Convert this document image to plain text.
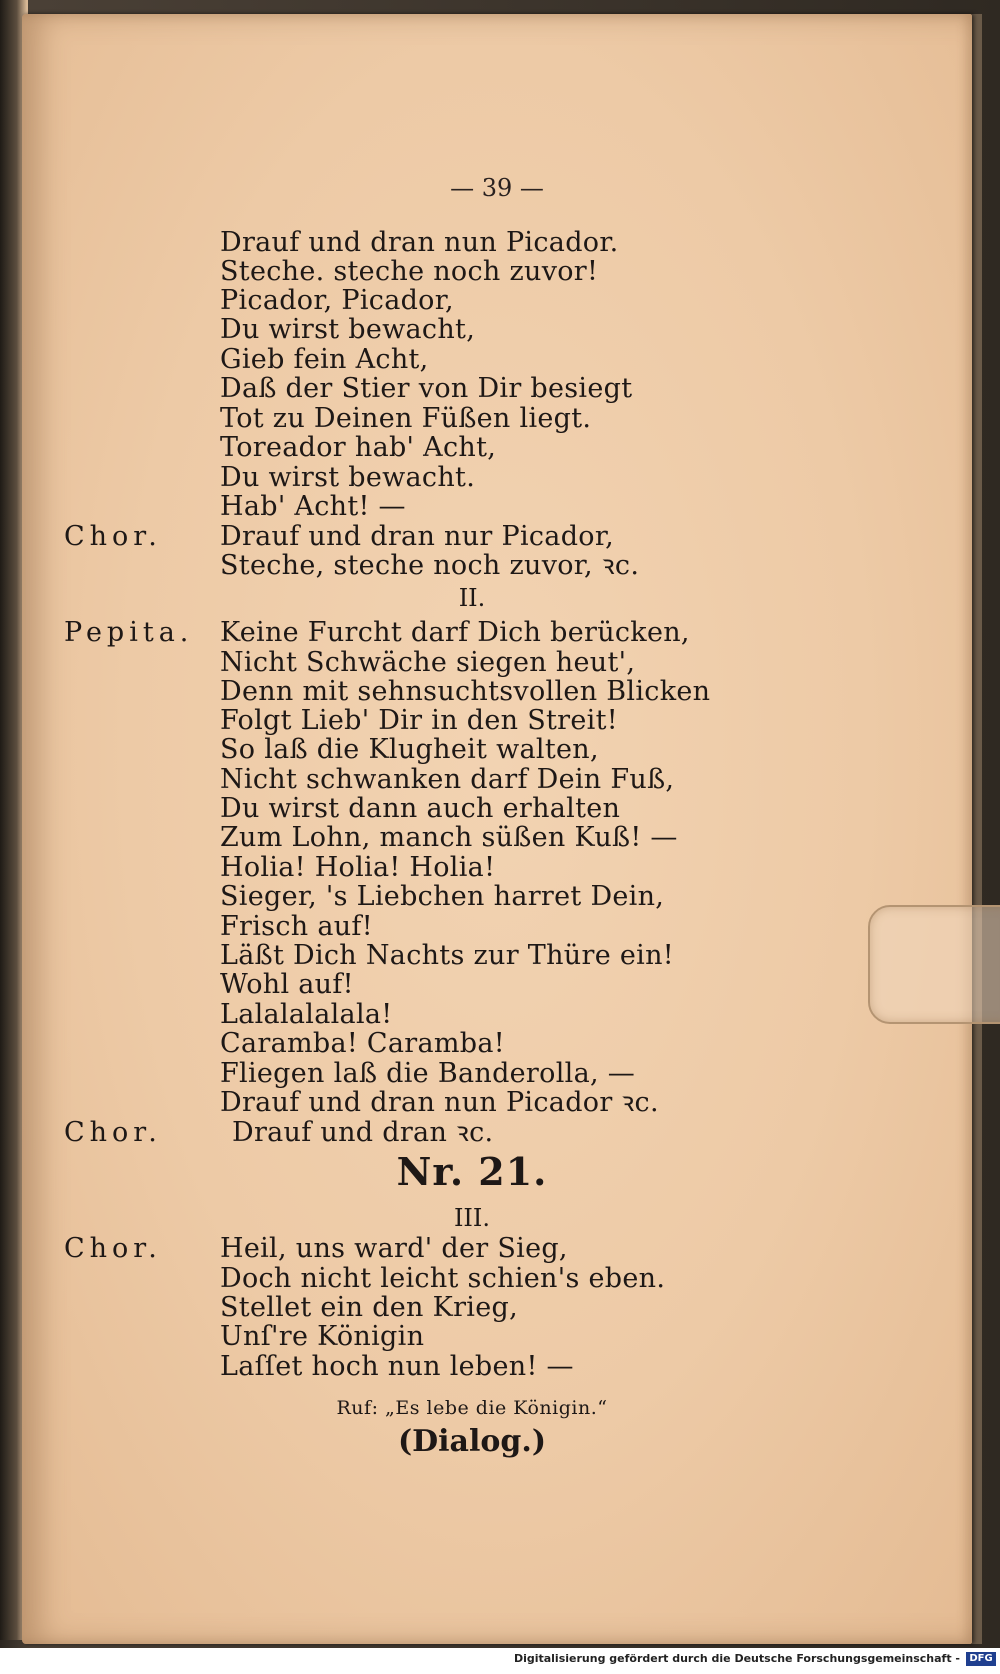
— 39 —
Drauf und dran nun Picador.
Steche. steche noch zuvor!
Picador, Picador,
Du wirst bewacht,
Gieb fein Acht,
Daß der Stier von Dir besiegt
Tot zu Deinen Füßen liegt.
Toreador hab' Acht,
Du wirst bewacht.
Hab' Acht! —
Chor. Drauf und dran nur Picador,
Steche, steche noch zuvor, ꝛc.
II.
Pepita. Keine Furcht darf Dich berücken,
Nicht Schwäche siegen heut',
Denn mit sehnsuchtsvollen Blicken
Folgt Lieb' Dir in den Streit!
So laß die Klugheit walten,
Nicht schwanken darf Dein Fuß,
Du wirst dann auch erhalten
Zum Lohn, manch süßen Kuß! —
Holia! Holia! Holia!
Sieger, 's Liebchen harret Dein,
Frisch auf!
Läßt Dich Nachts zur Thüre ein!
Wohl auf!
Lalalalalala!
Caramba! Caramba!
Fliegen laß die Banderolla, —
Drauf und dran nun Picador ꝛc.
Chor.	Drauf und dran ꝛc.
Nr. 21.
III.
Chor. Heil, uns ward' der Sieg,
Doch nicht leicht schien's eben.
Stellet ein den Krieg,
Unſ're Königin
Laſſet hoch nun leben! —
Ruf: „Es lebe die Königin.“
(Dialog.)
Digitalisierung gefördert durch die Deutsche Forschungsgemeinschaft - DFG
